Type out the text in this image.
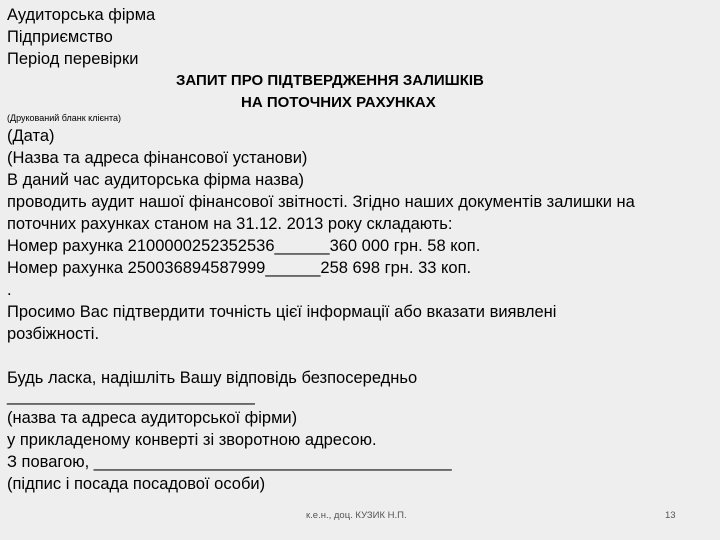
Аудиторська фірма
Підприємство
Період перевірки
ЗАПИТ ПРО ПІДТВЕРДЖЕННЯ ЗАЛИШКІВ
НА ПОТОЧНИХ РАХУНКАХ
(Друкований бланк клієнта)
(Дата)
(Назва та адреса фінансової установи)
В даний час аудиторська фірма назва)
проводить аудит нашої фінансової звітності. Згідно наших документів залишки на
поточних рахунках станом на 31.12. 2013 року складають:
Номер рахунка 2100000252352536______360 000 грн. 58 коп.
Номер рахунка 250036894587999______258 698 грн. 33 коп.
.
Просимо Вас підтвердити точність цієї інформації або вказати виявлені
розбіжності.
Будь ласка, надішліть Вашу відповідь безпосередньо
___________________________
(назва та адреса аудиторської фірми)
у прикладеному конверті зі зворотною адресою.
З повагою, _______________________________________
(підпис і посада посадової особи)
к.е.н., доц. КУЗИК Н.П.	13
